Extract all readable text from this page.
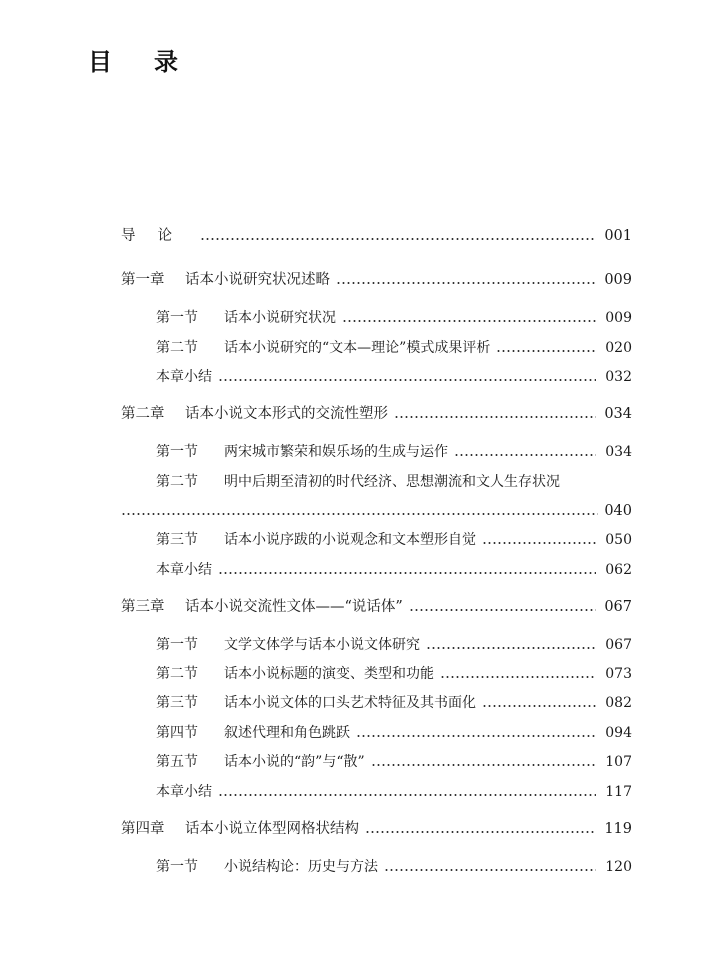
目录
导论	001
第一章	话本小说研究状况述略	009
第一节	话本小说研究状况	009
第二节	话本小说研究的“文本—理论”模式成果评析	020
本章小结	032
第二章	话本小说文本形式的交流性塑形	034
第一节	两宋城市繁荣和娱乐场的生成与运作	034
第二节	明中后期至清初的时代经济、思想潮流和文人生存状况
040
第三节	话本小说序跋的小说观念和文本塑形自觉	050
本章小结	062
第三章	话本小说交流性文体——“说话体”	067
第一节	文学文体学与话本小说文体研究	067
第二节	话本小说标题的演变、类型和功能	073
第三节	话本小说文体的口头艺术特征及其书面化	082
第四节	叙述代理和角色跳跃	094
第五节	话本小说的“韵”与“散”	107
本章小结	117
第四章	话本小说立体型网格状结构	119
第一节	小说结构论：历史与方法	120
